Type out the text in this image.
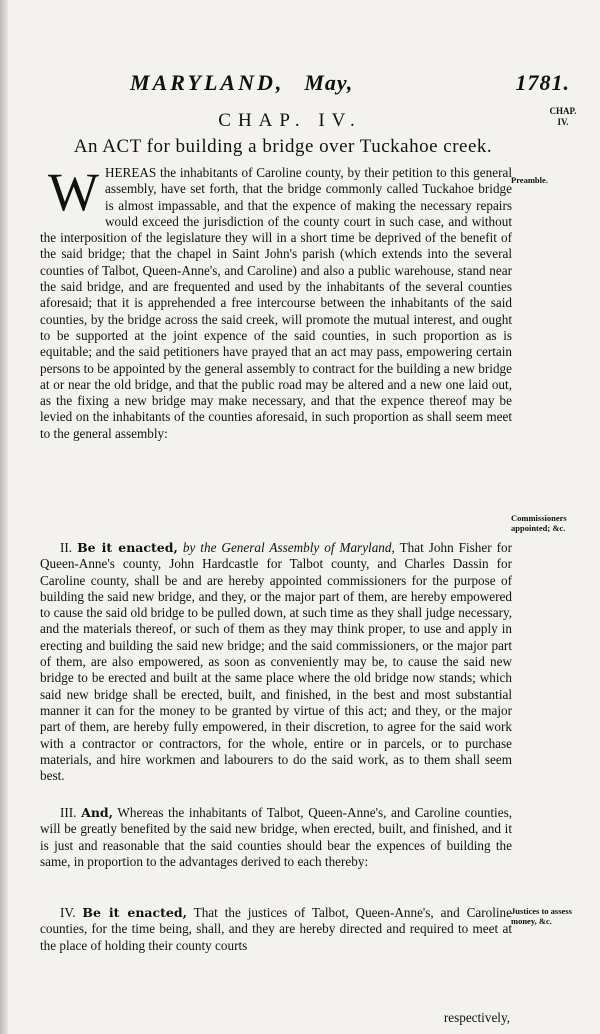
MARYLAND, May,	1781.
CHAP. IV.	CHAP.
IV.
An ACT for building a bridge over Tuckahoe creek.
W HEREAS the inhabitants of Caroline county, by their petition to this general assembly, have set forth, that the bridge commonly called Tuckahoe bridge is almost impassable, and that the expence of making the necessary repairs would exceed the jurisdiction of the county court in such case, and without the interposition of the legislature they will in a short time be deprived of the benefit of the said bridge; that the chapel in Saint John's parish (which extends into the several counties of Talbot, Queen-Anne's, and Caroline) and also a public warehouse, stand near the said bridge, and are frequented and used by the inhabitants of the several counties aforesaid; that it is apprehended a free intercourse between the inhabitants of the said counties, by the bridge across the said creek, will promote the mutual interest, and ought to be supported at the joint expence of the said counties, in such proportion as is equitable; and the said petitioners have prayed that an act may pass, empowering certain persons to be appointed by the general assembly to contract for the building a new bridge at or near the old bridge, and that the public road may be altered and a new one laid out, as the fixing a new bridge may make necessary, and that the expence thereof may be levied on the inhabitants of the counties aforesaid, in such proportion as shall seem meet to the general assembly:
Preamble.

II. Be it enacted, by the General Assembly of Maryland, That John Fisher for Queen-Anne's county, John Hardcastle for Talbot county, and Charles Dassin for Caroline county, shall be and are hereby appointed commissioners for the purpose of building the said new bridge, and they, or the major part of them, are hereby empowered to cause the said old bridge to be pulled down, at such time as they shall judge necessary, and the materials thereof, or such of them as they may think proper, to use and apply in erecting and building the said new bridge; and the said commissioners, or the major part of them, are also empowered, as soon as conveniently may be, to cause the said new bridge to be erected and built at the same place where the old bridge now stands; which said new bridge shall be erected, built, and finished, in the best and most substantial manner it can for the money to be granted by virtue of this act; and they, or the major part of them, are hereby fully empowered, in their discretion, to agree for the said work with a contractor or contractors, for the whole, entire or in parcels, or to purchase materials, and hire workmen and labourers to do the said work, as to them shall seem best.

Commissioners appointed; &c.

III. And, Whereas the inhabitants of Talbot, Queen-Anne's, and Caroline counties, will be greatly benefited by the said new bridge, when erected, built, and finished, and it is just and reasonable that the said counties should bear the expences of building the same, in proportion to the advantages derived to each thereby:

IV. Be it enacted, That the justices of Talbot, Queen-Anne's, and Caroline counties, for the time being, shall, and they are hereby directed and required to meet at the place of holding their county courts

Justices to assess money, &c.
respectively,
